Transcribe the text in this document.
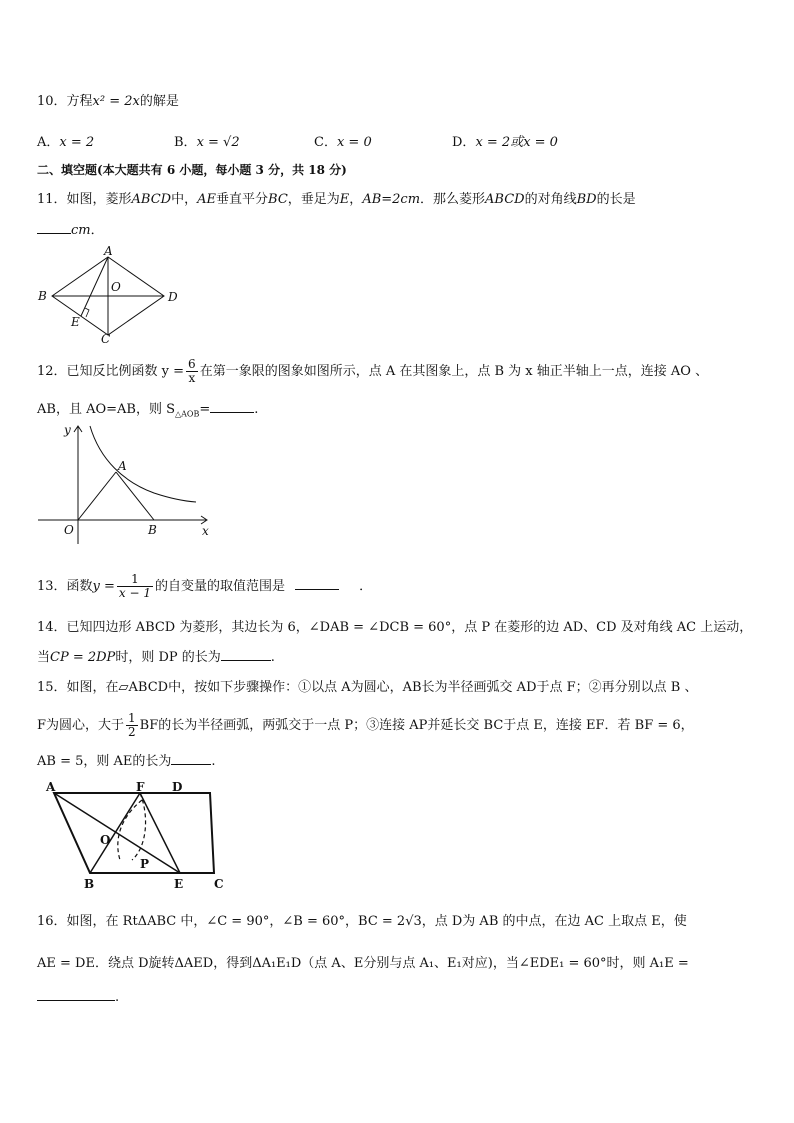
10．方程x² = 2x的解是
A．x = 2	B．x = √2	C．x = 0	D．x = 2或x = 0
二、填空题(本大题共有 6 小题，每小题 3 分，共 18 分)
11．如图，菱形ABCD中，AE垂直平分BC，垂足为E，AB=2cm．那么菱形ABCD的对角线BD的长是
cm．
A
B	D
C
E
O
12．已知反比例函数 $y = \frac{6}{x}$ 在第一象限的图象如图所示，点 A 在其图象上，点 B 为 x 轴正半轴上一点，连接 AO 、
AB，且 AO=AB，则 $S_{\triangle AOB}=$	.
y
x
O
A
B
13．函数$y = \frac{1}{x - 1}$ 的自变量的取值范围是	．
14．已知四边形 ABCD 为菱形，其边长为 6，∠DAB = ∠DCB = 60°，点 P 在菱形的边 AD、CD 及对角线 AC 上运动，
当CP = 2DP时，则 DP 的长为	.
15．如图，在▱ABCD中，按如下步骤操作：①以点 A为圆心，AB长为半径画弧交 AD于点 F；②再分别以点 B 、
F为圆心，大于 $\frac{1}{2}$ BF的长为半径画弧，两弧交于一点 P；③连接 AP并延长交 BC于点 E，连接 EF．若 BF = 6，
AB = 5，则 AE的长为	.
A	F D
B	E	C
O
P
16．如图，在 RtΔABC 中，∠C = 90°，∠B = 60°，BC = 2√3，点 D为 AB 的中点，在边 AC 上取点 E，使
AE = DE．绕点 D旋转ΔAED，得到ΔA₁E₁D（点 A、E分别与点 A₁、E₁对应)，当∠EDE₁ = 60°时，则 A₁E =
.
